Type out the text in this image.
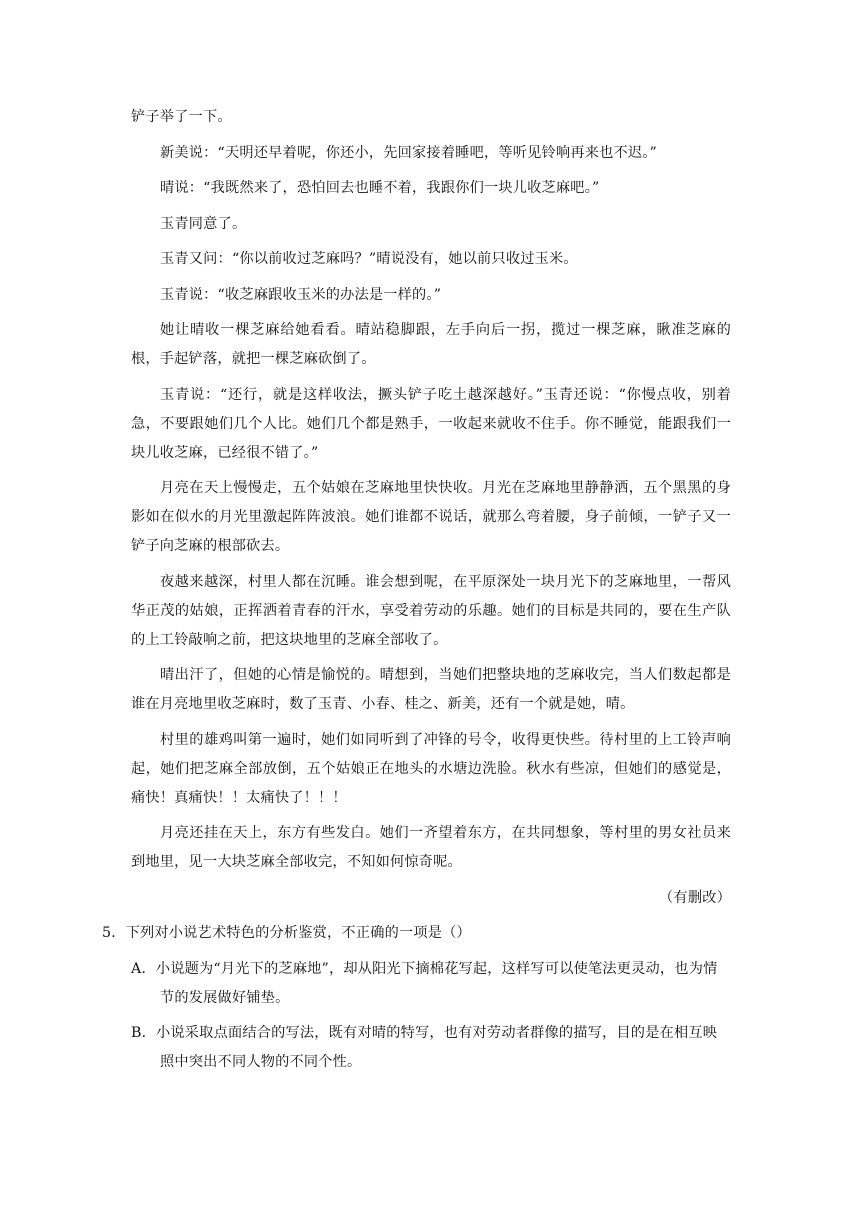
铲子举了一下。

新美说：“天明还早着呢，你还小，先回家接着睡吧，等听见铃响再来也不迟。”

晴说：“我既然来了，恐怕回去也睡不着，我跟你们一块儿收芝麻吧。”

玉青同意了。

玉青又问：“你以前收过芝麻吗？”晴说没有，她以前只收过玉米。

玉青说：“收芝麻跟收玉米的办法是一样的。”

她让晴收一棵芝麻给她看看。晴站稳脚跟，左手向后一拐，揽过一棵芝麻，瞅准芝麻的根，手起铲落，就把一棵芝麻砍倒了。

玉青说：“还行，就是这样收法，撅头铲子吃土越深越好。”玉青还说：“你慢点收，别着急，不要跟她们几个人比。她们几个都是熟手，一收起来就收不住手。你不睡觉，能跟我们一块儿收芝麻，已经很不错了。”

月亮在天上慢慢走，五个姑娘在芝麻地里快快收。月光在芝麻地里静静洒，五个黑黑的身影如在似水的月光里激起阵阵波浪。她们谁都不说话，就那么弯着腰，身子前倾，一铲子又一铲子向芝麻的根部砍去。

夜越来越深，村里人都在沉睡。谁会想到呢，在平原深处一块月光下的芝麻地里，一帮风华正茂的姑娘，正挥洒着青春的汗水，享受着劳动的乐趣。她们的目标是共同的，要在生产队的上工铃敲响之前，把这块地里的芝麻全部收了。

晴出汗了，但她的心情是愉悦的。晴想到，当她们把整块地的芝麻收完，当人们数起都是谁在月亮地里收芝麻时，数了玉青、小春、桂之、新美，还有一个就是她，晴。

村里的雄鸡叫第一遍时，她们如同听到了冲锋的号令，收得更快些。待村里的上工铃声响起，她们把芝麻全部放倒，五个姑娘正在地头的水塘边洗脸。秋水有些凉，但她们的感觉是，痛快！真痛快！！太痛快了！！！

月亮还挂在天上，东方有些发白。她们一齐望着东方，在共同想象，等村里的男女社员来到地里，见一大块芝麻全部收完，不知如何惊奇呢。

（有删改）

5．下列对小说艺术特色的分析鉴赏，不正确的一项是（）

A．小说题为“月光下的芝麻地”，却从阳光下摘棉花写起，这样写可以使笔法更灵动，也为情节的发展做好铺垫。

B．小说采取点面结合的写法，既有对晴的特写，也有对劳动者群像的描写，目的是在相互映照中突出不同人物的不同个性。
